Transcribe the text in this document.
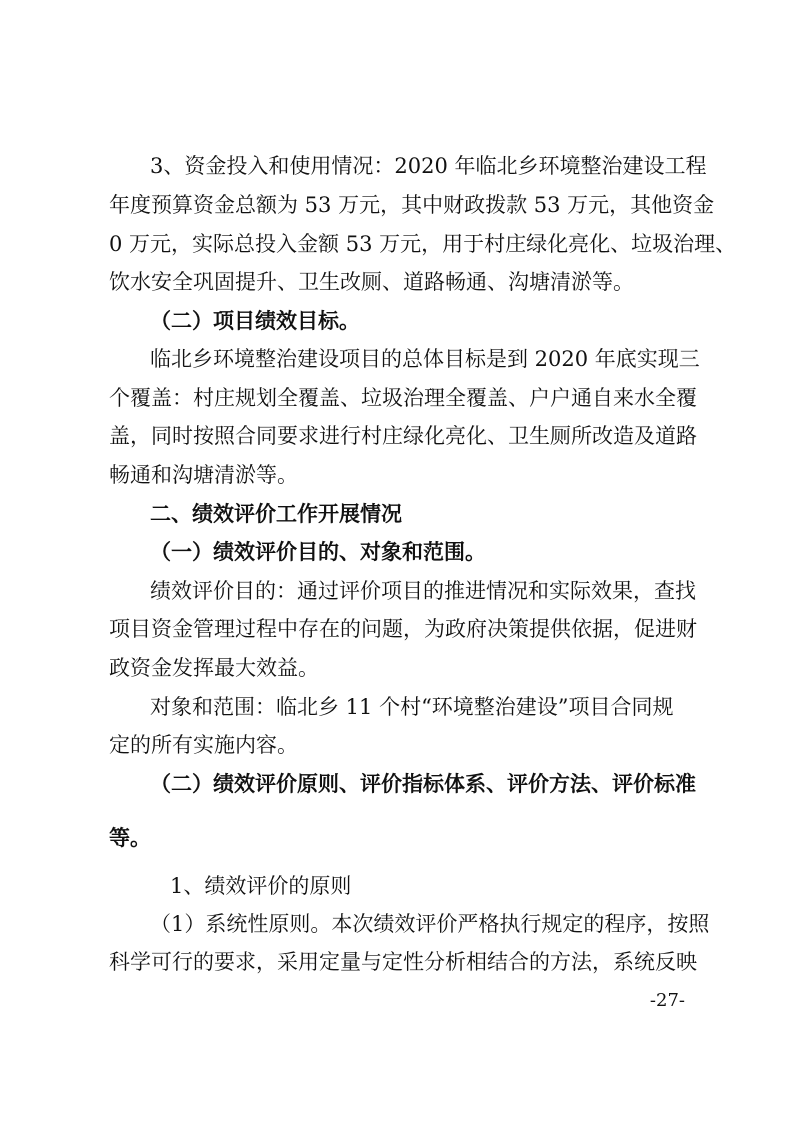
3、资金投入和使用情况：2020 年临北乡环境整治建设工程
年度预算资金总额为 53 万元，其中财政拨款 53 万元，其他资金
0 万元，实际总投入金额 53 万元，用于村庄绿化亮化、垃圾治理、
饮水安全巩固提升、卫生改厕、道路畅通、沟塘清淤等。
（二）项目绩效目标。
临北乡环境整治建设项目的总体目标是到 2020 年底实现三
个覆盖：村庄规划全覆盖、垃圾治理全覆盖、户户通自来水全覆
盖，同时按照合同要求进行村庄绿化亮化、卫生厕所改造及道路
畅通和沟塘清淤等。
二、绩效评价工作开展情况
（一）绩效评价目的、对象和范围。
绩效评价目的：通过评价项目的推进情况和实际效果，查找
项目资金管理过程中存在的问题，为政府决策提供依据，促进财
政资金发挥最大效益。
对象和范围：临北乡 11 个村“环境整治建设”项目合同规
定的所有实施内容。
（二）绩效评价原则、评价指标体系、评价方法、评价标准
等。
1、绩效评价的原则
（1）系统性原则。本次绩效评价严格执行规定的程序，按照
科学可行的要求，采用定量与定性分析相结合的方法，系统反映
-27-
